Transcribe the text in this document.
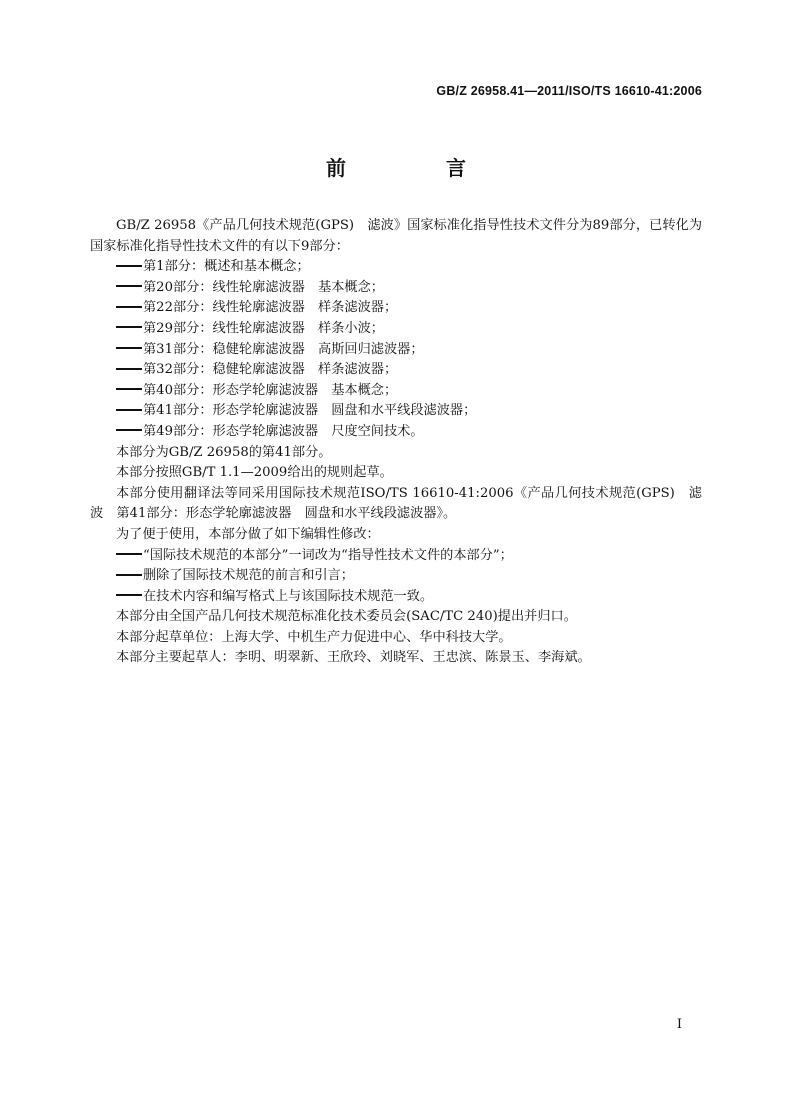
GB/Z 26958.41—2011/ISO/TS 16610-41:2006
前　言

GB/Z 26958《产品几何技术规范(GPS)　滤波》国家标准化指导性技术文件分为89部分，已转化为国家标准化指导性技术文件的有以下9部分：

第1部分：概述和基本概念；

第20部分：线性轮廓滤波器　基本概念；

第22部分：线性轮廓滤波器　样条滤波器；

第29部分：线性轮廓滤波器　样条小波；

第31部分：稳健轮廓滤波器　高斯回归滤波器；

第32部分：稳健轮廓滤波器　样条滤波器；

第40部分：形态学轮廓滤波器　基本概念；

第41部分：形态学轮廓滤波器　圆盘和水平线段滤波器；

第49部分：形态学轮廓滤波器　尺度空间技术。

本部分为GB/Z 26958的第41部分。

本部分按照GB/T 1.1—2009给出的规则起草。

本部分使用翻译法等同采用国际技术规范ISO/TS 16610-41:2006《产品几何技术规范(GPS)　滤波　第41部分：形态学轮廓滤波器　圆盘和水平线段滤波器》。

为了便于使用，本部分做了如下编辑性修改：

“国际技术规范的本部分”一词改为“指导性技术文件的本部分”；

删除了国际技术规范的前言和引言；

在技术内容和编写格式上与该国际技术规范一致。

本部分由全国产品几何技术规范标准化技术委员会(SAC/TC 240)提出并归口。

本部分起草单位：上海大学、中机生产力促进中心、华中科技大学。

本部分主要起草人：李明、明翠新、王欣玲、刘晓军、王忠滨、陈景玉、李海斌。

I
